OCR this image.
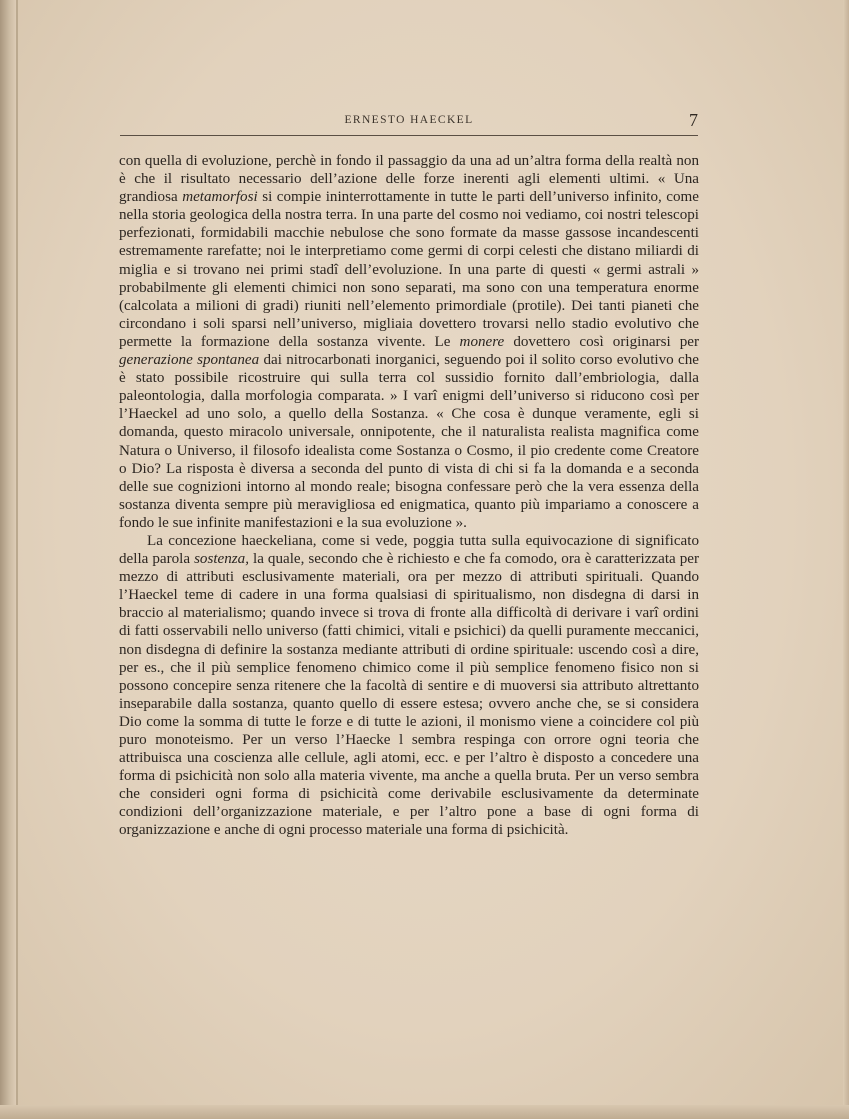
ERNESTO HAECKEL	7

con quella di evoluzione, perchè in fondo il passaggio da una ad un’altra forma della realtà non è che il risultato necessario dell’azione delle forze inerenti agli elementi ultimi. « Una grandiosa metamorfosi si compie ininterrottamente in tutte le parti dell’universo infinito, come nella storia geologica della nostra terra. In una parte del cosmo noi vediamo, coi nostri telescopi perfezionati, formidabili macchie nebulose che sono formate da masse gassose incandescenti estremamente rarefatte; noi le interpretiamo come germi di corpi celesti che distano miliardi di miglia e si trovano nei primi stadî dell’evoluzione. In una parte di questi « germi astrali » probabilmente gli elementi chimici non sono separati, ma sono con una temperatura enorme (calcolata a milioni di gradi) riuniti nell’elemento primordiale (protile). Dei tanti pianeti che circondano i soli sparsi nell’universo, migliaia dovettero trovarsi nello stadio evolutivo che permette la formazione della sostanza vivente. Le monere dovettero così originarsi per generazione spontanea dai nitrocarbonati inorganici, seguendo poi il solito corso evolutivo che è stato possibile ricostruire qui sulla terra col sussidio fornito dall’embriologia, dalla paleontologia, dalla morfologia comparata. » I varî enigmi dell’universo si riducono così per l’Haeckel ad uno solo, a quello della Sostanza. « Che cosa è dunque veramente, egli si domanda, questo miracolo universale, onnipotente, che il naturalista realista magnifica come Natura o Universo, il filosofo idealista come Sostanza o Cosmo, il pio credente come Creatore o Dio? La risposta è diversa a seconda del punto di vista di chi si fa la domanda e a seconda delle sue cognizioni intorno al mondo reale; bisogna confessare però che la vera essenza della sostanza diventa sempre più meravigliosa ed enigmatica, quanto più impariamo a conoscere a fondo le sue infinite manifestazioni e la sua evoluzione ».

La concezione haeckeliana, come si vede, poggia tutta sulla equivocazione di significato della parola sostenza, la quale, secondo che è richiesto e che fa comodo, ora è caratterizzata per mezzo di attributi esclusivamente materiali, ora per mezzo di attributi spirituali. Quando l’Haeckel teme di cadere in una forma qualsiasi di spiritualismo, non disdegna di darsi in braccio al materialismo; quando invece si trova di fronte alla difficoltà di derivare i varî ordini di fatti osservabili nello universo (fatti chimici, vitali e psichici) da quelli puramente meccanici, non disdegna di definire la sostanza mediante attributi di ordine spirituale: uscendo così a dire, per es., che il più semplice fenomeno chimico come il più semplice fenomeno fisico non si possono concepire senza ritenere che la facoltà di sentire e di muoversi sia attributo altrettanto inseparabile dalla sostanza, quanto quello di essere estesa; ovvero anche che, se si considera Dio come la somma di tutte le forze e di tutte le azioni, il monismo viene a coincidere col più puro monoteismo. Per un verso l’Haecke l sembra respinga con orrore ogni teoria che attribuisca una coscienza alle cellule, agli atomi, ecc. e per l’altro è disposto a concedere una forma di psichicità non solo alla materia vivente, ma anche a quella bruta. Per un verso sembra che consideri ogni forma di psichicità come derivabile esclusivamente da determinate condizioni dell’organizzazione materiale, e per l’altro pone a base di ogni forma di organizzazione e anche di ogni processo materiale una forma di psichicità.
